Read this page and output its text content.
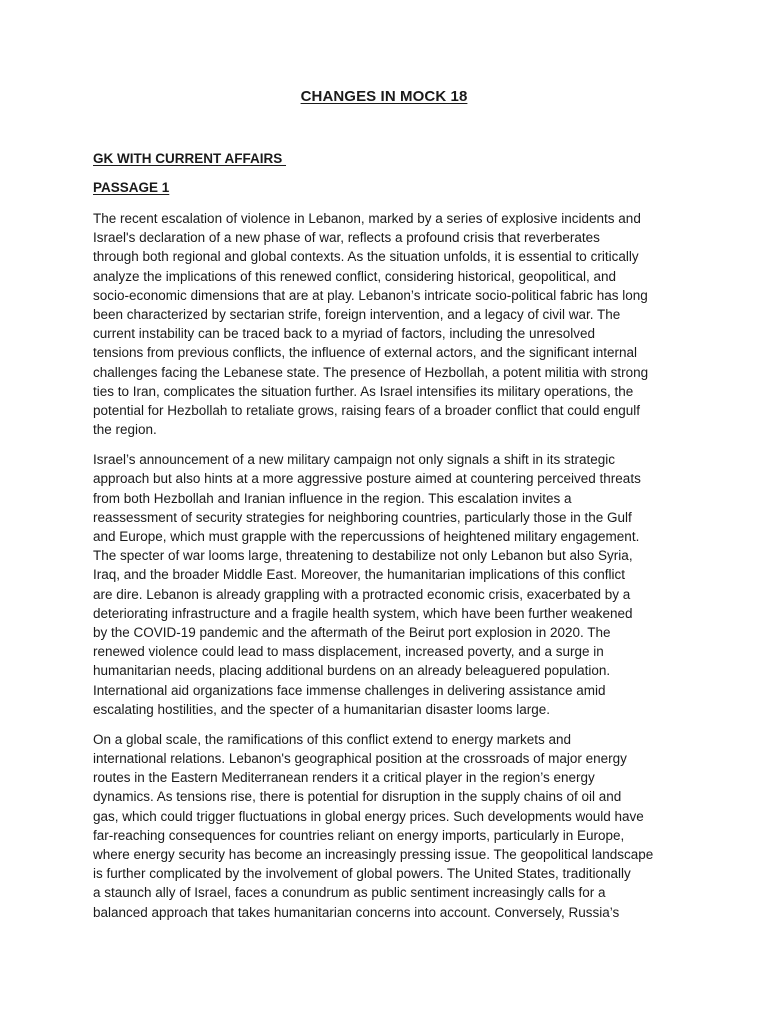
CHANGES IN MOCK 18
GK WITH CURRENT AFFAIRS
PASSAGE 1

The recent escalation of violence in Lebanon, marked by a series of explosive incidents and
Israel's declaration of a new phase of war, reflects a profound crisis that reverberates
through both regional and global contexts. As the situation unfolds, it is essential to critically
analyze the implications of this renewed conflict, considering historical, geopolitical, and
socio-economic dimensions that are at play. Lebanon’s intricate socio-political fabric has long
been characterized by sectarian strife, foreign intervention, and a legacy of civil war. The
current instability can be traced back to a myriad of factors, including the unresolved
tensions from previous conflicts, the influence of external actors, and the significant internal
challenges facing the Lebanese state. The presence of Hezbollah, a potent militia with strong
ties to Iran, complicates the situation further. As Israel intensifies its military operations, the
potential for Hezbollah to retaliate grows, raising fears of a broader conflict that could engulf
the region.

Israel’s announcement of a new military campaign not only signals a shift in its strategic
approach but also hints at a more aggressive posture aimed at countering perceived threats
from both Hezbollah and Iranian influence in the region. This escalation invites a
reassessment of security strategies for neighboring countries, particularly those in the Gulf
and Europe, which must grapple with the repercussions of heightened military engagement.
The specter of war looms large, threatening to destabilize not only Lebanon but also Syria,
Iraq, and the broader Middle East. Moreover, the humanitarian implications of this conflict
are dire. Lebanon is already grappling with a protracted economic crisis, exacerbated by a
deteriorating infrastructure and a fragile health system, which have been further weakened
by the COVID-19 pandemic and the aftermath of the Beirut port explosion in 2020. The
renewed violence could lead to mass displacement, increased poverty, and a surge in
humanitarian needs, placing additional burdens on an already beleaguered population.
International aid organizations face immense challenges in delivering assistance amid
escalating hostilities, and the specter of a humanitarian disaster looms large.

On a global scale, the ramifications of this conflict extend to energy markets and
international relations. Lebanon's geographical position at the crossroads of major energy
routes in the Eastern Mediterranean renders it a critical player in the region’s energy
dynamics. As tensions rise, there is potential for disruption in the supply chains of oil and
gas, which could trigger fluctuations in global energy prices. Such developments would have
far-reaching consequences for countries reliant on energy imports, particularly in Europe,
where energy security has become an increasingly pressing issue. The geopolitical landscape
is further complicated by the involvement of global powers. The United States, traditionally
a staunch ally of Israel, faces a conundrum as public sentiment increasingly calls for a
balanced approach that takes humanitarian concerns into account. Conversely, Russia’s
